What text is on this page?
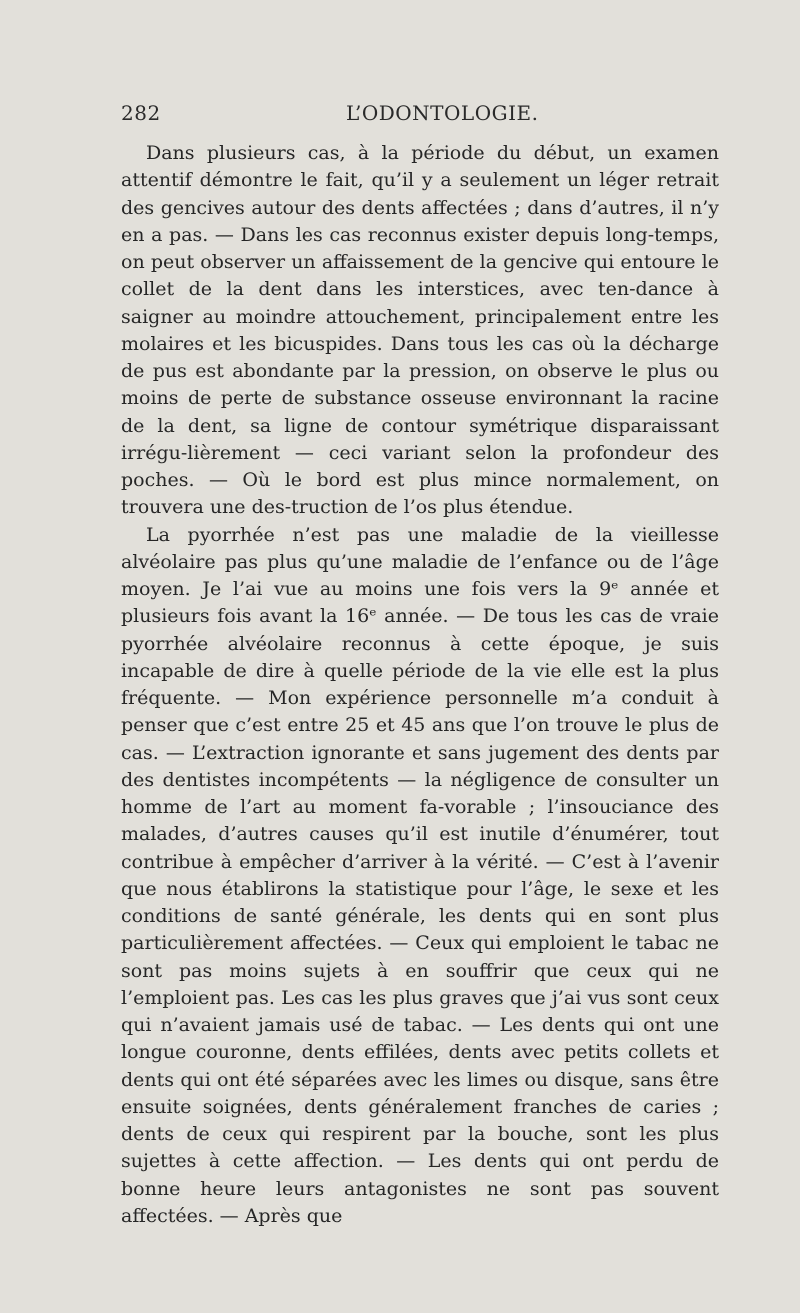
282	L’ODONTOLOGIE.

Dans plusieurs cas, à la période du début, un examen attentif démontre le fait, qu’il y a seulement un léger retrait des gencives autour des dents affectées ; dans d’autres, il n’y en a pas. — Dans les cas reconnus exister depuis long-temps, on peut observer un affaissement de la gencive qui entoure le collet de la dent dans les interstices, avec ten-dance à saigner au moindre attouchement, principalement entre les molaires et les bicuspides. Dans tous les cas où la décharge de pus est abondante par la pression, on observe le plus ou moins de perte de substance osseuse environnant la racine de la dent, sa ligne de contour symétrique disparaissant irrégu-lièrement — ceci variant selon la profondeur des poches. — Où le bord est plus mince normalement, on trouvera une des-truction de l’os plus étendue.

La pyorrhée n’est pas une maladie de la vieillesse alvéolaire pas plus qu’une maladie de l’enfance ou de l’âge moyen. Je l’ai vue au moins une fois vers la 9ᵉ année et plusieurs fois avant la 16ᵉ année. — De tous les cas de vraie pyorrhée alvéolaire reconnus à cette époque, je suis incapable de dire à quelle période de la vie elle est la plus fréquente. — Mon expérience personnelle m’a conduit à penser que c’est entre 25 et 45 ans que l’on trouve le plus de cas. — L’extraction ignorante et sans jugement des dents par des dentistes incompétents — la négligence de consulter un homme de l’art au moment fa-vorable ; l’insouciance des malades, d’autres causes qu’il est inutile d’énumérer, tout contribue à empêcher d’arriver à la vérité. — C’est à l’avenir que nous établirons la statistique pour l’âge, le sexe et les conditions de santé générale, les dents qui en sont plus particulièrement affectées. — Ceux qui emploient le tabac ne sont pas moins sujets à en souffrir que ceux qui ne l’emploient pas. Les cas les plus graves que j’ai vus sont ceux qui n’avaient jamais usé de tabac. — Les dents qui ont une longue couronne, dents effilées, dents avec petits collets et dents qui ont été séparées avec les limes ou disque, sans être ensuite soignées, dents généralement franches de caries ; dents de ceux qui respirent par la bouche, sont les plus sujettes à cette affection. — Les dents qui ont perdu de bonne heure leurs antagonistes ne sont pas souvent affectées. — Après que
